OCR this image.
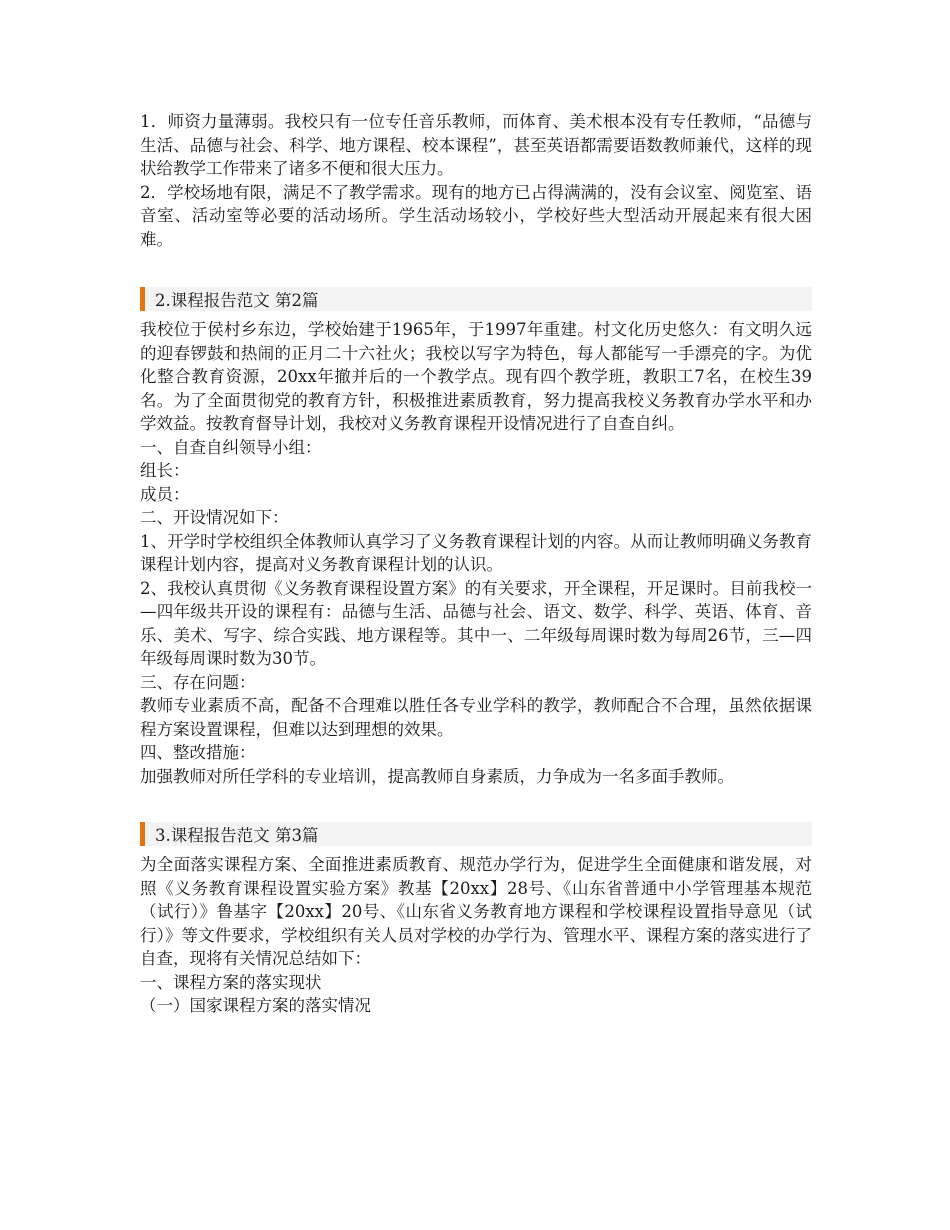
1．师资力量薄弱。我校只有一位专任音乐教师，而体育、美术根本没有专任教师，“品德与生活、品德与社会、科学、地方课程、校本课程”，甚至英语都需要语数教师兼代，这样的现状给教学工作带来了诸多不便和很大压力。

2．学校场地有限，满足不了教学需求。现有的地方已占得满满的，没有会议室、阅览室、语音室、活动室等必要的活动场所。学生活动场较小，学校好些大型活动开展起来有很大困难。

2.课程报告范文 第2篇

我校位于侯村乡东边，学校始建于1965年，于1997年重建。村文化历史悠久：有文明久远的迎春锣鼓和热闹的正月二十六社火；我校以写字为特色，每人都能写一手漂亮的字。为优化整合教育资源，20xx年撤并后的一个教学点。现有四个教学班，教职工7名，在校生39名。为了全面贯彻党的教育方针，积极推进素质教育，努力提高我校义务教育办学水平和办学效益。按教育督导计划，我校对义务教育课程开设情况进行了自查自纠。

一、自查自纠领导小组：

组长：

成员：

二、开设情况如下：

1、开学时学校组织全体教师认真学习了义务教育课程计划的内容。从而让教师明确义务教育课程计划内容，提高对义务教育课程计划的认识。

2、我校认真贯彻《义务教育课程设置方案》的有关要求，开全课程，开足课时。目前我校一—四年级共开设的课程有：品德与生活、品德与社会、语文、数学、科学、英语、体育、音乐、美术、写字、综合实践、地方课程等。其中一、二年级每周课时数为每周26节，三—四年级每周课时数为30节。

三、存在问题：

教师专业素质不高，配备不合理难以胜任各专业学科的教学，教师配合不合理，虽然依据课程方案设置课程，但难以达到理想的效果。

四、整改措施：

加强教师对所任学科的专业培训，提高教师自身素质，力争成为一名多面手教师。

3.课程报告范文 第3篇

为全面落实课程方案、全面推进素质教育、规范办学行为，促进学生全面健康和谐发展，对照《义务教育课程设置实验方案》教基【20xx】28号、《山东省普通中小学管理基本规范（试行）》鲁基字【20xx】20号、《山东省义务教育地方课程和学校课程设置指导意见（试行）》等文件要求，学校组织有关人员对学校的办学行为、管理水平、课程方案的落实进行了自查，现将有关情况总结如下：

一、课程方案的落实现状

（一）国家课程方案的落实情况
